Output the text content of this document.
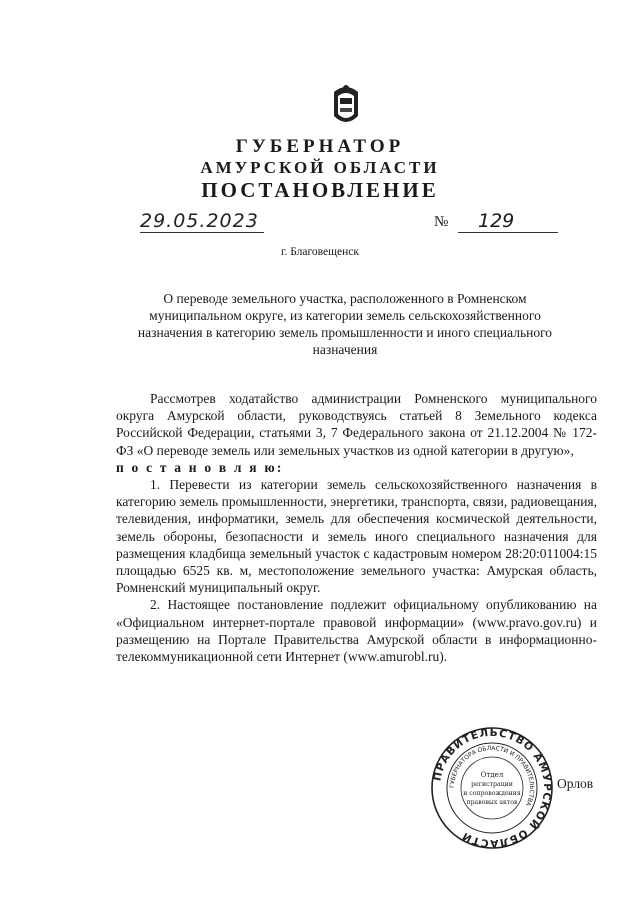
ГУБЕРНАТОР
АМУРСКОЙ ОБЛАСТИ
ПОСТАНОВЛЕНИЕ
29.05.2023	№	129
г. Благовещенск
О переводе земельного участка, расположенного в Ромненском муниципальном округе, из категории земель сельскохозяйственного назначения в категорию земель промышленности и иного специального назначения

Рассмотрев ходатайство администрации Ромненского муниципального округа Амурской области, руководствуясь статьей 8 Земельного кодекса Российской Федерации, статьями 3, 7 Федерального закона от 21.12.2004 № 172-ФЗ «О переводе земель или земельных участков из одной категории в другую»,

п о с т а н о в л я ю:

1. Перевести из категории земель сельскохозяйственного назначения в категорию земель промышленности, энергетики, транспорта, связи, радиовещания, телевидения, информатики, земель для обеспечения космической деятельности, земель обороны, безопасности и земель иного специального назначения для размещения кладбища земельный участок с кадастровым номером 28:20:011004:15 площадью 6525 кв. м, местоположение земельного участка: Амурская область, Ромненский муниципальный округ.

2. Настоящее постановление подлежит официальному опубликованию на «Официальном интернет-портале правовой информации» (www.pravo.gov.ru) и размещению на Портале Правительства Амурской области в информационно-телекоммуникационной сети Интернет (www.amurobl.ru).

ПРАВИТЕЛЬСТВО АМУРСКОЙ ОБЛАСТИ
ГУБЕРНАТОРА ОБЛАСТИ И ПРАВИТЕЛЬСТВА
Отдел
регистрации
и сопровождения
правовых актов
Орлов
